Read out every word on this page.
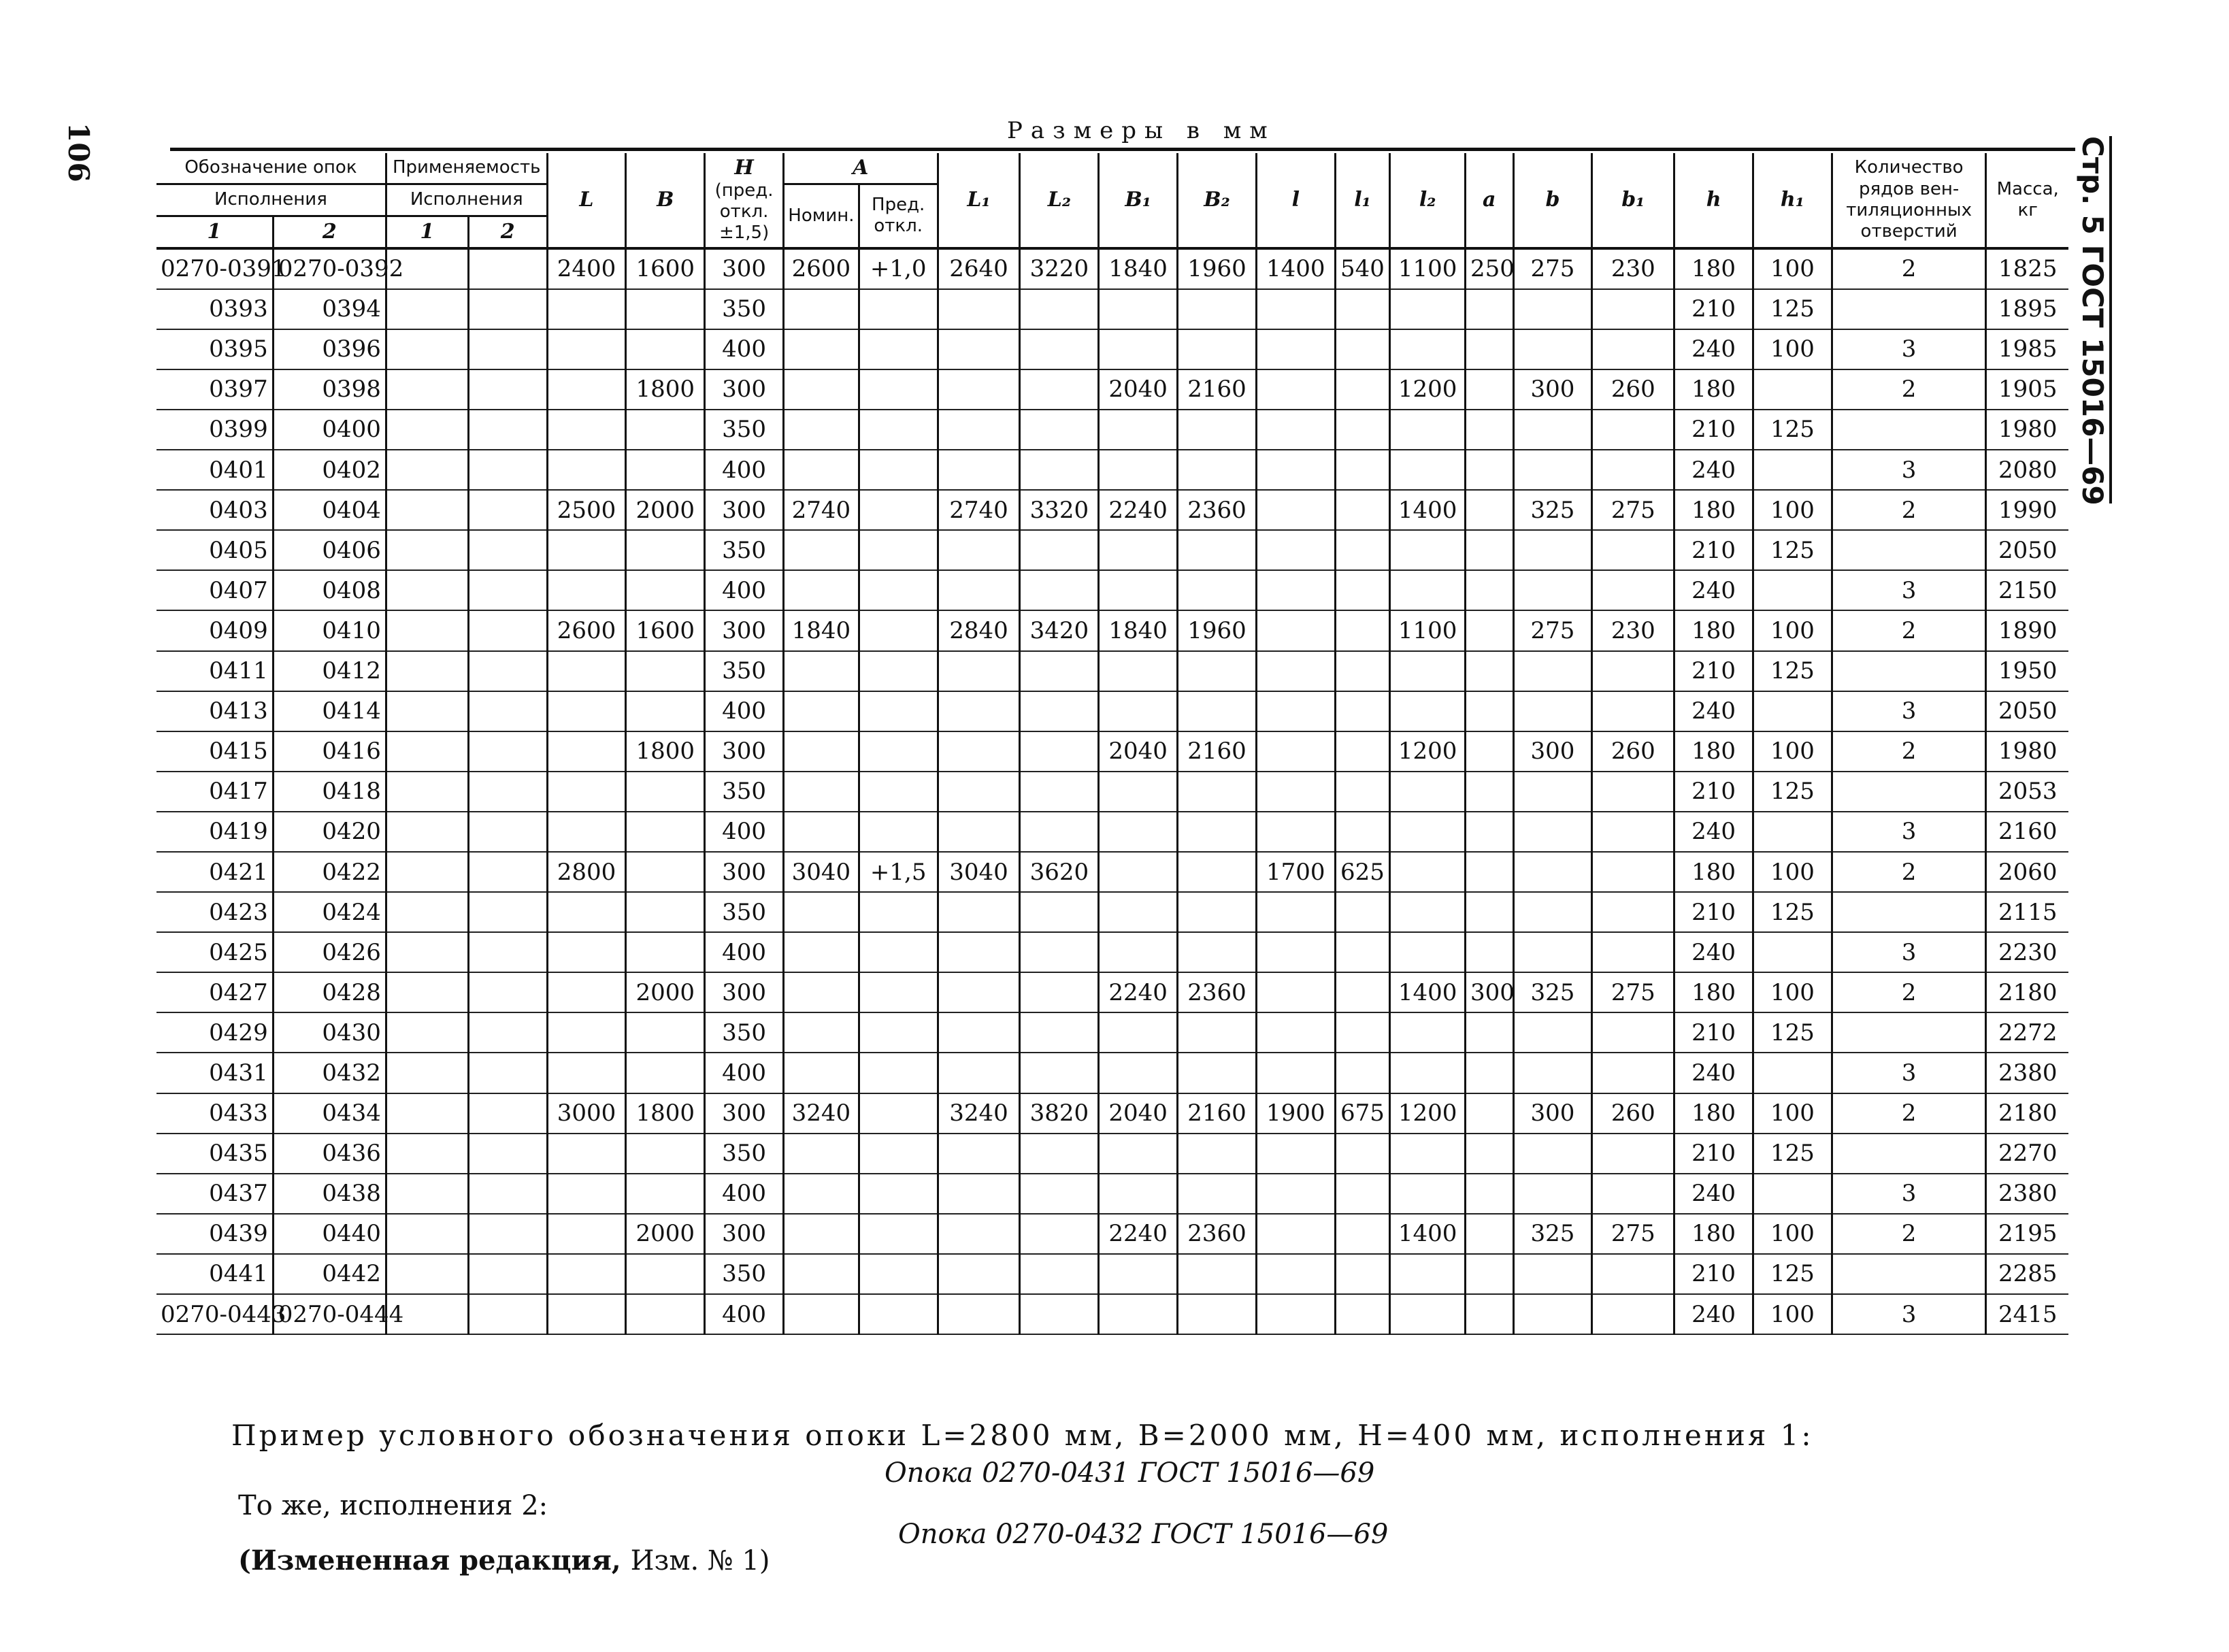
106	Стр. 5 ГОСТ 15016—69
Размеры в мм
Обозначение опок		Применяемость		L	B	H
(пред. откл. ±1,5)	A		L₁	L₂	B₁	B₂	l	l₁	l₂	a	b	b₁	h	h₁	Количество рядов вен-тиляционных отверстий	Масса, кг
Исполнения		Исполнения					Номин.	Пред. откл.														
1	2	1	2																			
0270-0391	0270-0392			2400	1600	300	2600	+1,0	2640	3220	1840	1960	1400	540	1100	250	275	230	180	100	2	1825
0393	0394					350													210	125		1895
0395	0396					400													240	100	3	1985
0397	0398				1800	300					2040	2160			1200		300	260	180		2	1905
0399	0400					350													210	125		1980
0401	0402					400													240		3	2080
0403	0404			2500	2000	300	2740		2740	3320	2240	2360			1400		325	275	180	100	2	1990
0405	0406					350													210	125		2050
0407	0408					400													240		3	2150
0409	0410			2600	1600	300	1840		2840	3420	1840	1960			1100		275	230	180	100	2	1890
0411	0412					350													210	125		1950
0413	0414					400													240		3	2050
0415	0416				1800	300					2040	2160			1200		300	260	180	100	2	1980
0417	0418					350													210	125		2053
0419	0420					400													240		3	2160
0421	0422			2800		300	3040	+1,5	3040	3620			1700	625					180	100	2	2060
0423	0424					350													210	125		2115
0425	0426					400													240		3	2230
0427	0428				2000	300					2240	2360			1400	300	325	275	180	100	2	2180
0429	0430					350													210	125		2272
0431	0432					400													240		3	2380
0433	0434			3000	1800	300	3240		3240	3820	2040	2160	1900	675	1200		300	260	180	100	2	2180
0435	0436					350													210	125		2270
0437	0438					400													240		3	2380
0439	0440				2000	300					2240	2360			1400		325	275	180	100	2	2195
0441	0442					350													210	125		2285
0270-0443	0270-0444					400													240	100	3	2415
Пример условного обозначения опоки L=2800 мм, B=2000 мм, H=400 мм, исполнения 1:
Опока 0270-0431 ГОСТ 15016—69
То же, исполнения 2:
Опока 0270-0432 ГОСТ 15016—69
(Измененная редакция, Изм. № 1)
